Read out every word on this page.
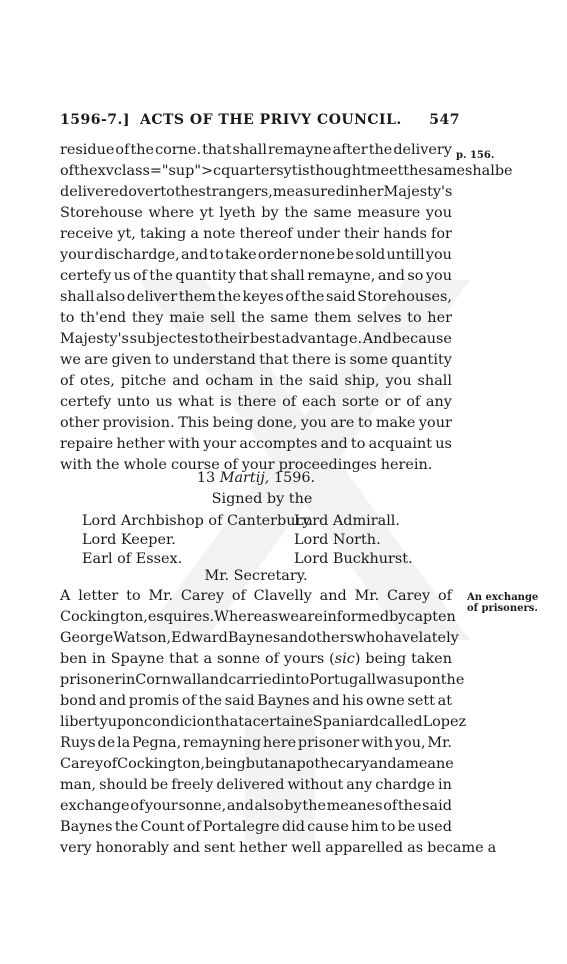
1596-7.] ACTS OF THE PRIVY COUNCIL. 547
p. 156.
residue of the corne. that shall remayne after the delivery
of the xv class="sup">c quarters yt is thought meet the same shalbe
delivered over to the strangers, measured in her Majesty's
Storehouse where yt lyeth by the same measure you
receive yt, taking a note thereof under their hands for
your dischardge, and to take order none be sold untill you
certefy us of the quantity that shall remayne, and so you
shall also deliver them the keyes of the said Storehouses,
to th'end they maie sell the same them selves to her
Majesty's subjectes to their best advantage. And because
we are given to understand that there is some quantity
of otes, pitche and ocham in the said ship, you shall
certefy unto us what is there of each sorte or of any
other provision. This being done, you are to make your
repaire hether with your accomptes and to acquaint us
with the whole course of your proceedinges herein.
13 Martij, 1596.
Signed by the
Lord Archbishop of Canterbury.
Lord Admirall.
Lord Keeper.	Lord North.
Earl of Essex.	Lord Buckhurst.
Mr. Secretary.
An exchange
of prisoners.
A letter to Mr. Carey of Clavelly and Mr. Carey of
Cockington, esquires. Whereas we are informed by capten
George Watson, Edward Baynes and others who have lately
ben in Spayne that a sonne of yours (sic) being taken
prisoner in Cornwall and carried into Portugall was upon the
bond and promis of the said Baynes and his owne sett at
liberty upon condicion that a certaine Spaniard called Lopez
Ruys de la Pegna, remayning here prisoner with you, Mr.
Carey of Cockington, being but an apothecary and a meane
man, should be freely delivered without any chardge in
exchange of your sonne, and also by the meanes of the said
Baynes the Count of Portalegre did cause him to be used
very honorably and sent hether well apparelled as became a
